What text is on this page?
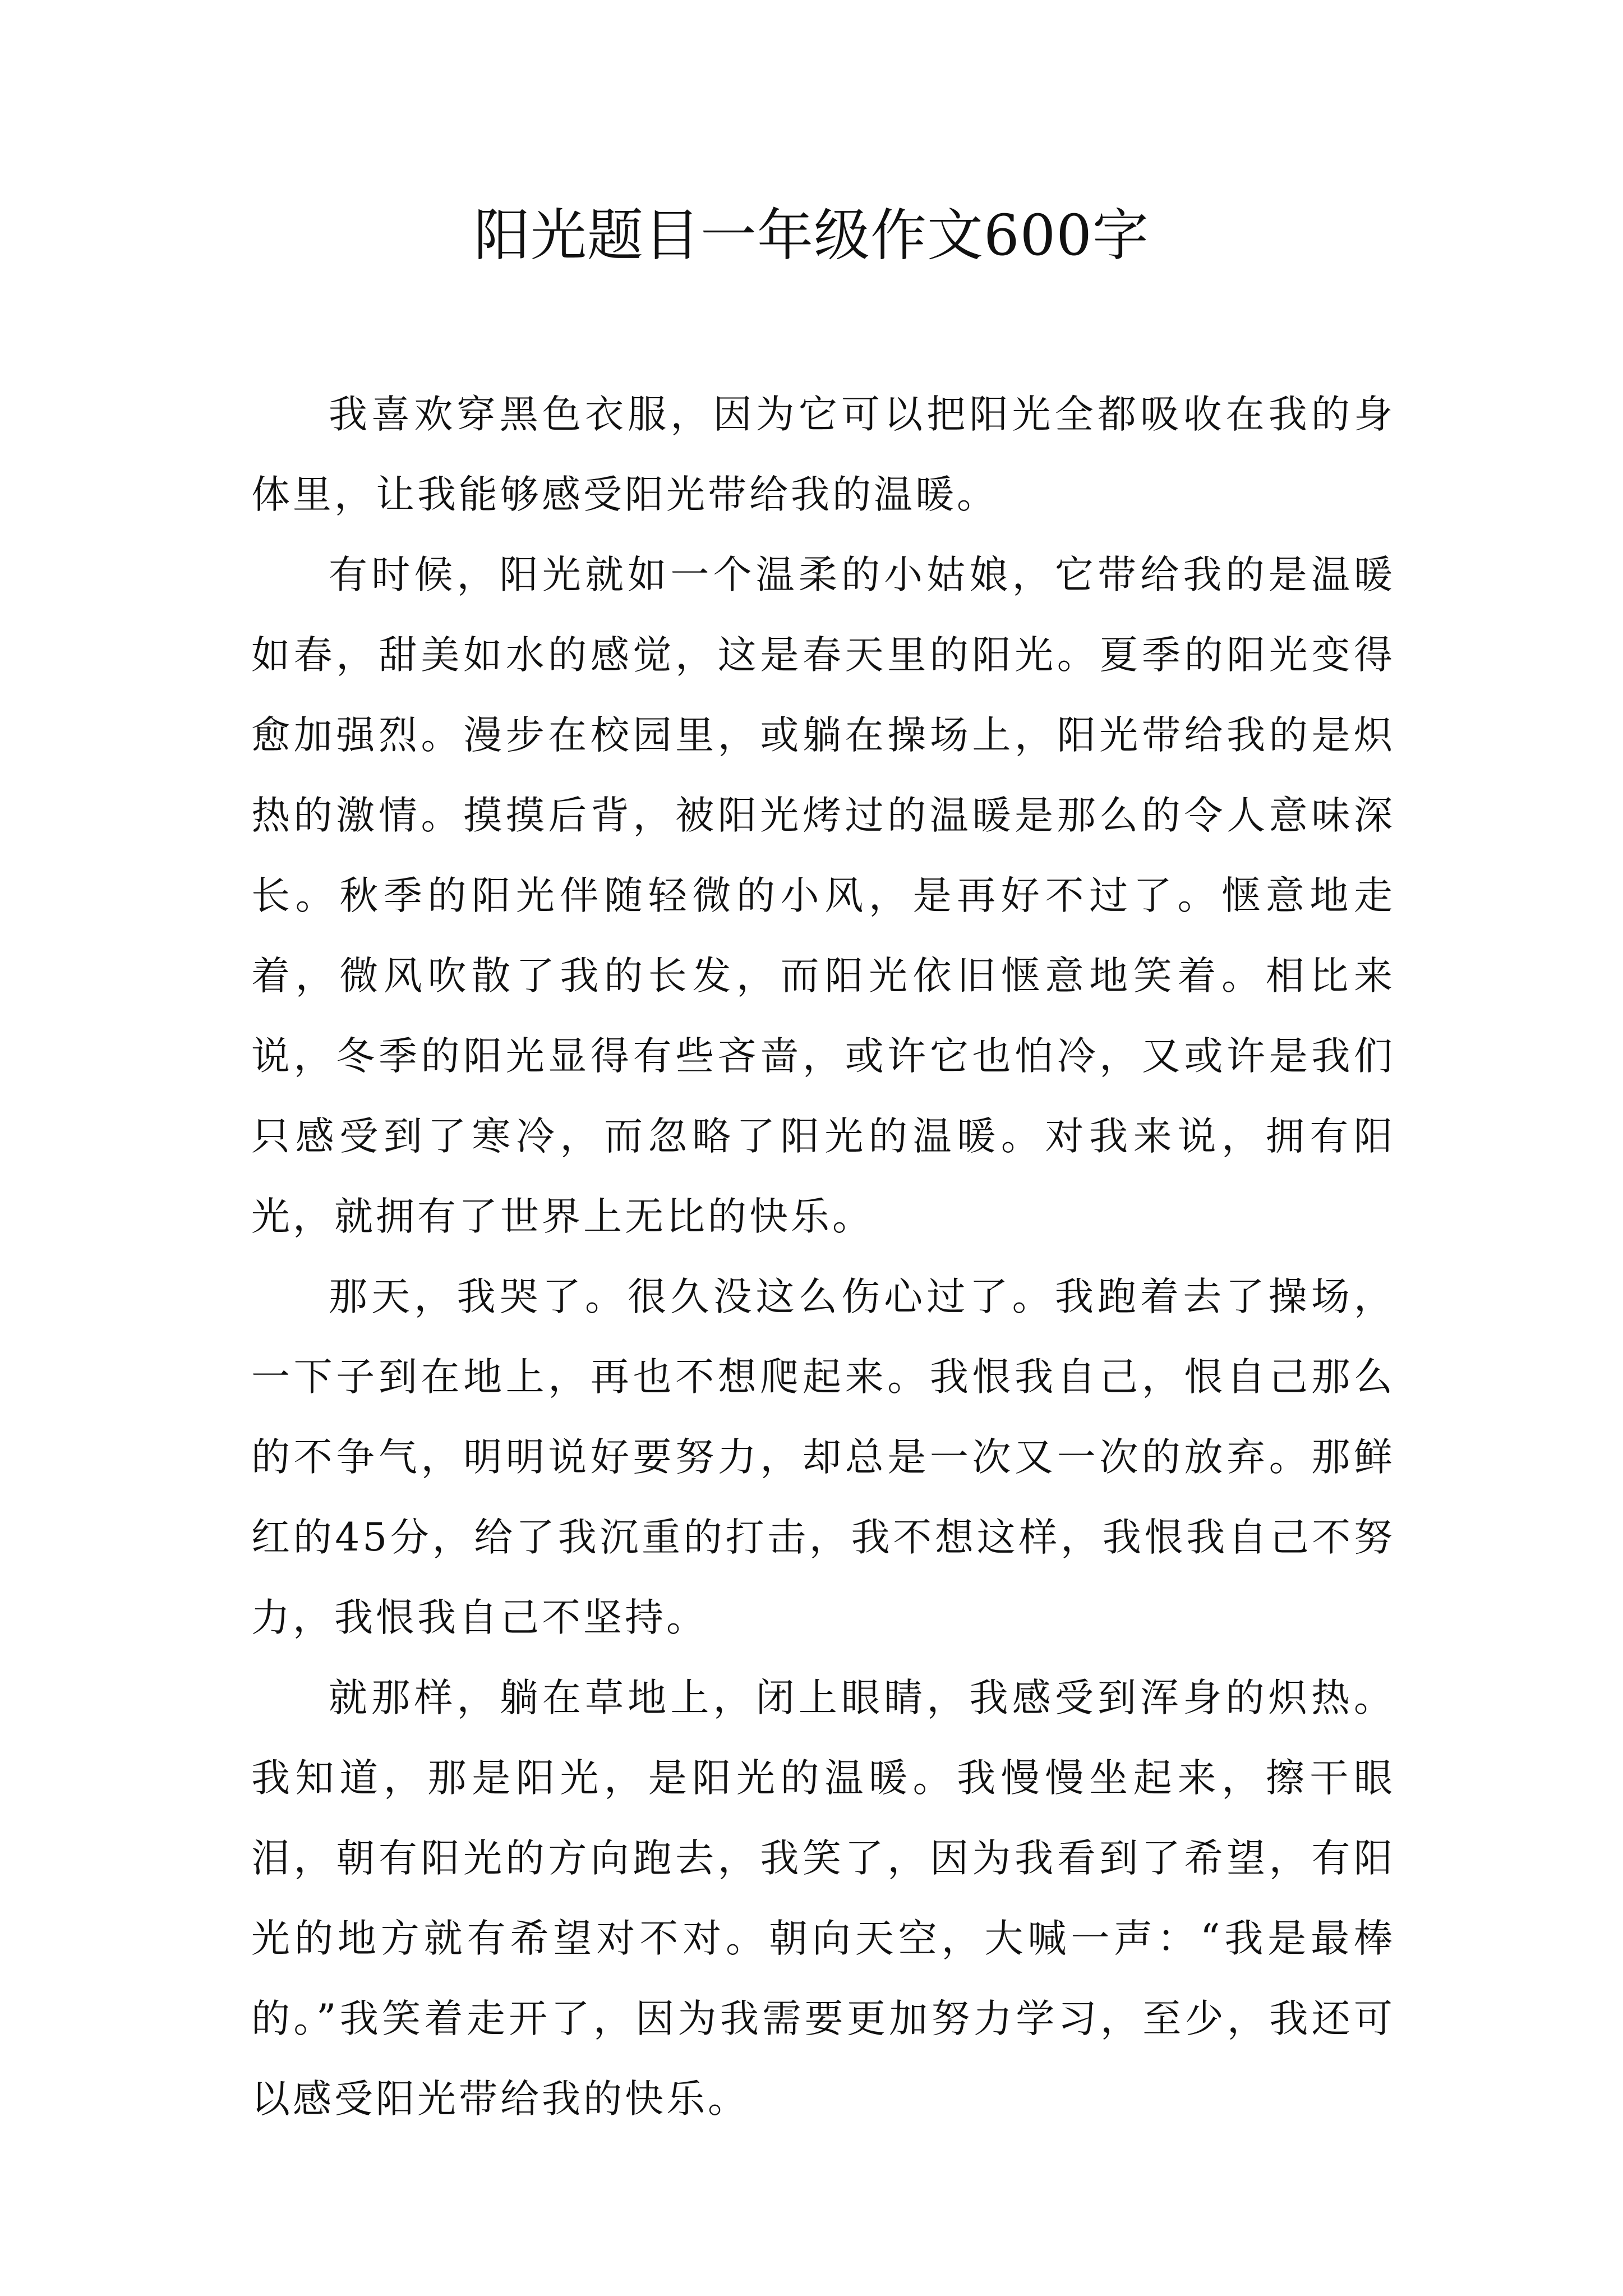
阳光题目一年级作文600字

我喜欢穿黑色衣服，因为它可以把阳光全都吸收在我的身体里，让我能够感受阳光带给我的温暖。

有时候，阳光就如一个温柔的小姑娘，它带给我的是温暖如春，甜美如水的感觉，这是春天里的阳光。夏季的阳光变得愈加强烈。漫步在校园里，或躺在操场上，阳光带给我的是炽热的激情。摸摸后背，被阳光烤过的温暖是那么的令人意味深长。秋季的阳光伴随轻微的小风，是再好不过了。惬意地走着，微风吹散了我的长发，而阳光依旧惬意地笑着。相比来说，冬季的阳光显得有些吝啬，或许它也怕冷，又或许是我们只感受到了寒冷，而忽略了阳光的温暖。对我来说，拥有阳光，就拥有了世界上无比的快乐。

那天，我哭了。很久没这么伤心过了。我跑着去了操场，一下子到在地上，再也不想爬起来。我恨我自己，恨自己那么的不争气，明明说好要努力，却总是一次又一次的放弃。那鲜红的45分，给了我沉重的打击，我不想这样，我恨我自己不努力，我恨我自己不坚持。

就那样，躺在草地上，闭上眼睛，我感受到浑身的炽热。我知道，那是阳光，是阳光的温暖。我慢慢坐起来，擦干眼泪，朝有阳光的方向跑去，我笑了，因为我看到了希望，有阳光的地方就有希望对不对。朝向天空，大喊一声：“我是最棒的。”我笑着走开了，因为我需要更加努力学习，至少，我还可以感受阳光带给我的快乐。
